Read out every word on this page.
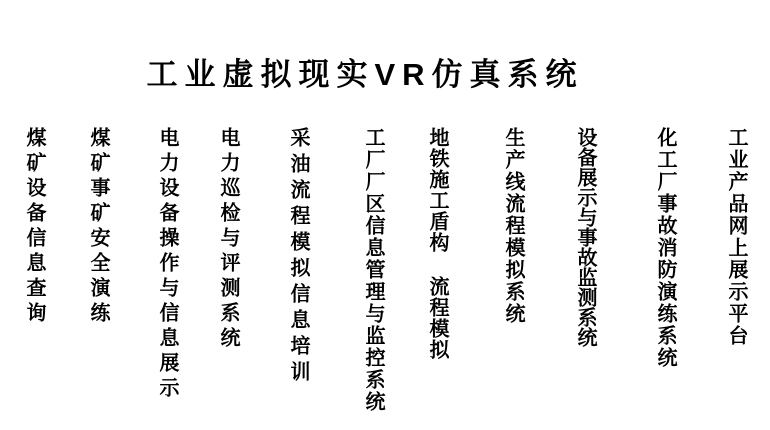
工业虚拟现实VR仿真系统
煤矿设备信息查询 煤矿事矿安全演练 电力设备操作与信息展示 电力巡检与评测系统 采油流程模拟信息培训	工厂厂区信息管理与监控系统 地铁施工盾构 流程模拟	生产线流程模拟系统	设备展示与事故监测系统	化工厂事故消防演练系统 工业产品网上展示平台
